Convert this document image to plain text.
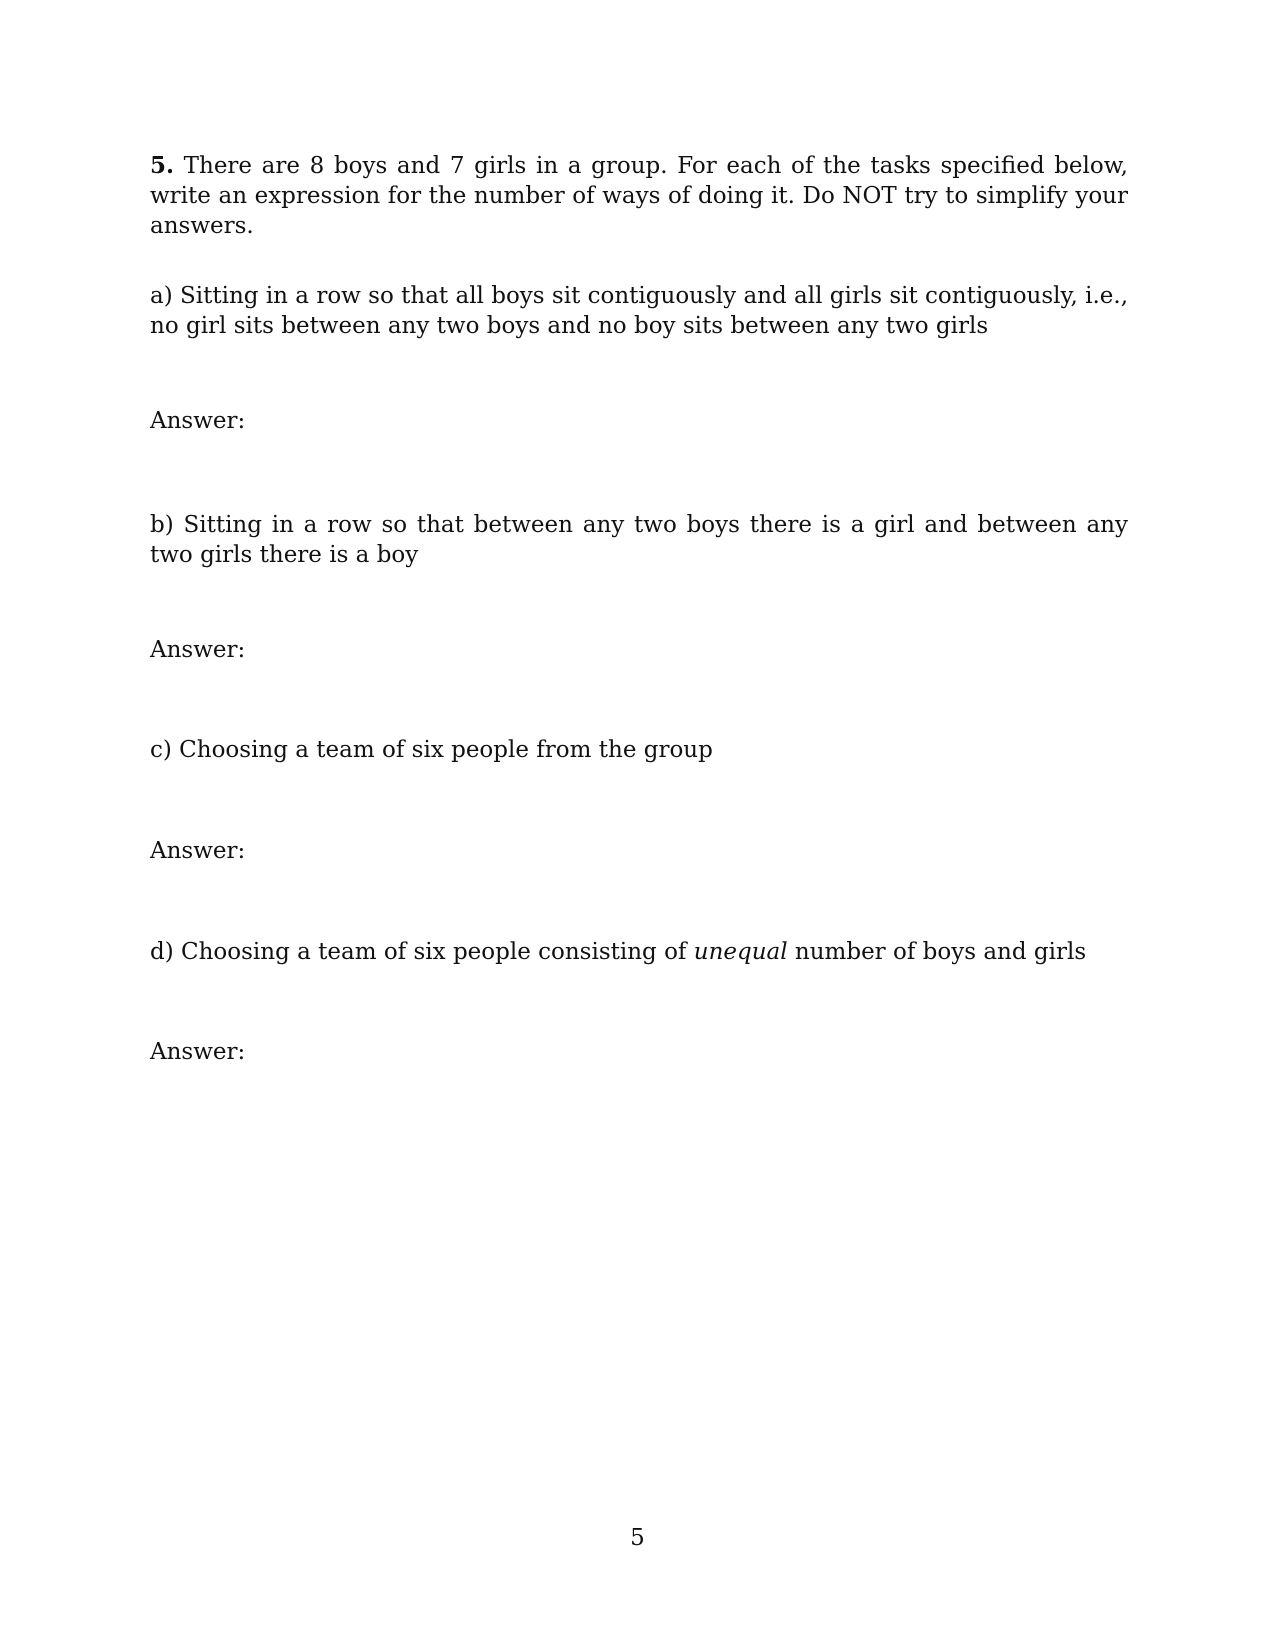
5. There are 8 boys and 7 girls in a group. For each of the tasks specified below, write an expression for the number of ways of doing it. Do NOT try to simplify your answers.
a) Sitting in a row so that all boys sit contiguously and all girls sit contiguously, i.e., no girl sits between any two boys and no boy sits between any two girls
Answer:
b) Sitting in a row so that between any two boys there is a girl and between any two girls there is a boy
Answer:
c) Choosing a team of six people from the group
Answer:
d) Choosing a team of six people consisting of unequal number of boys and girls
Answer:
5
